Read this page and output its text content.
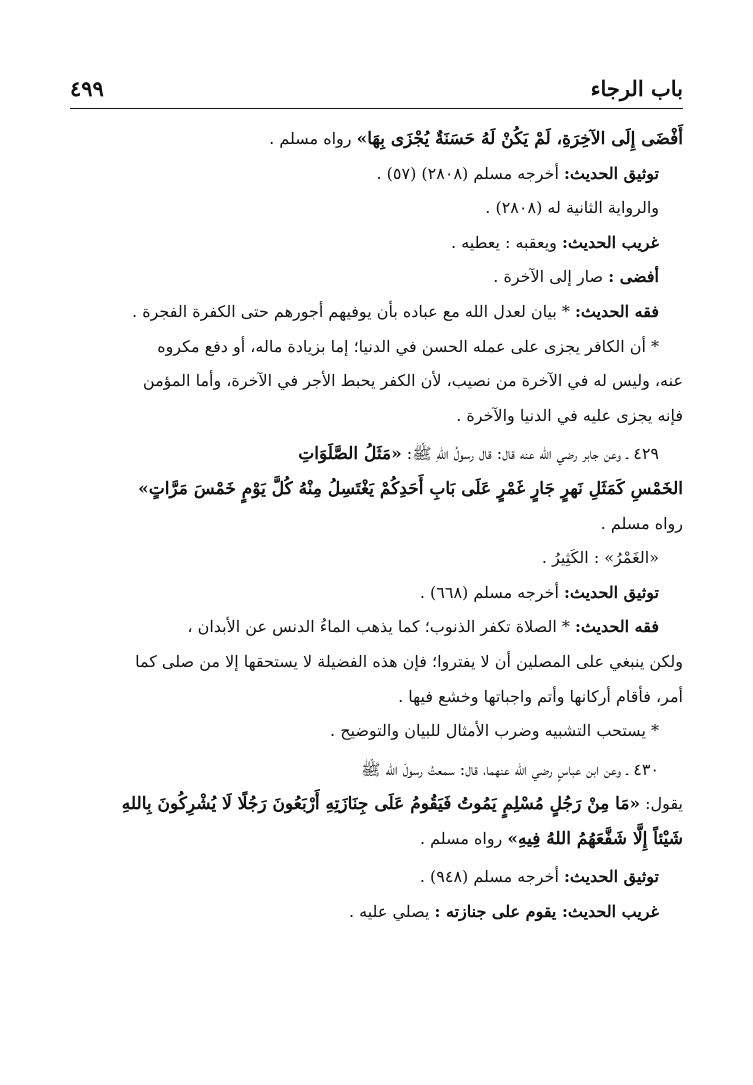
باب الرجاء
٤٩٩

أَفْضَى إِلَى الآخِرَةِ، لَمْ يَكُنْ لَهُ حَسَنَةٌ يُجْزَى بِهَا» رواه مسلم .

توثيق الحديث: أخرجه مسلم (٢٨٠٨) (٥٧) .

والرواية الثانية له (٢٨٠٨) .

غريب الحديث: ويعقبه : يعطيه .

أفضى : صار إلى الآخرة .

فقه الحديث: * بيان لعدل الله مع عباده بأن يوفيهم أجورهم حتى الكفرة الفجرة .

* أن الكافر يجزى على عمله الحسن في الدنيا؛ إما بزيادة ماله، أو دفع مكروه

عنه، وليس له في الآخرة من نصيب، لأن الكفر يحبط الأجر في الآخرة، وأما المؤمن

فإنه يجزى عليه في الدنيا والآخرة .

٤٢٩ ـ وعن جابر رضي الله عنه قال: قال رسولُ اللهِ ﷺ: «مَثَلُ الصَّلَوَاتِ

الخَمْسِ كَمَثَلِ نَهرٍ جَارٍ غَمْرٍ عَلَى بَابِ أَحَدِكُمْ يَغْتَسِلُ مِنْهُ كُلَّ يَوْمٍ خَمْسَ مَرَّاتٍ»

رواه مسلم .

«الغَمْرُ» : الكَثِيرُ .

توثيق الحديث: أخرجه مسلم (٦٦٨) .

فقه الحديث: * الصلاة تكفر الذنوب؛ كما يذهب الماءُ الدنس عن الأبدان ،

ولكن ينبغي على المصلين أن لا يفتروا؛ فإن هذه الفضيلة لا يستحقها إلا من صلى كما

أمر، فأقام أركانها وأتم واجباتها وخشع فيها .

* يستحب التشبيه وضرب الأمثال للبيان والتوضيح .

٤٣٠ ـ وعن ابن عباسٍ رضي الله عنهما، قال: سمعتُ رسولَ الله ﷺ

يقول: «مَا مِنْ رَجُلٍ مُسْلِمٍ يَمُوتُ فَيَقُومُ عَلَى جِنَازَتِهِ أَرْبَعُونَ رَجُلًا لَا يُشْرِكُونَ بِاللهِ

شَيْئاً إِلَّا شَفَّعَهُمُ اللهُ فِيهِ» رواه مسلم .

توثيق الحديث: أخرجه مسلم (٩٤٨) .

غريب الحديث: يقوم على جنازته : يصلي عليه .
